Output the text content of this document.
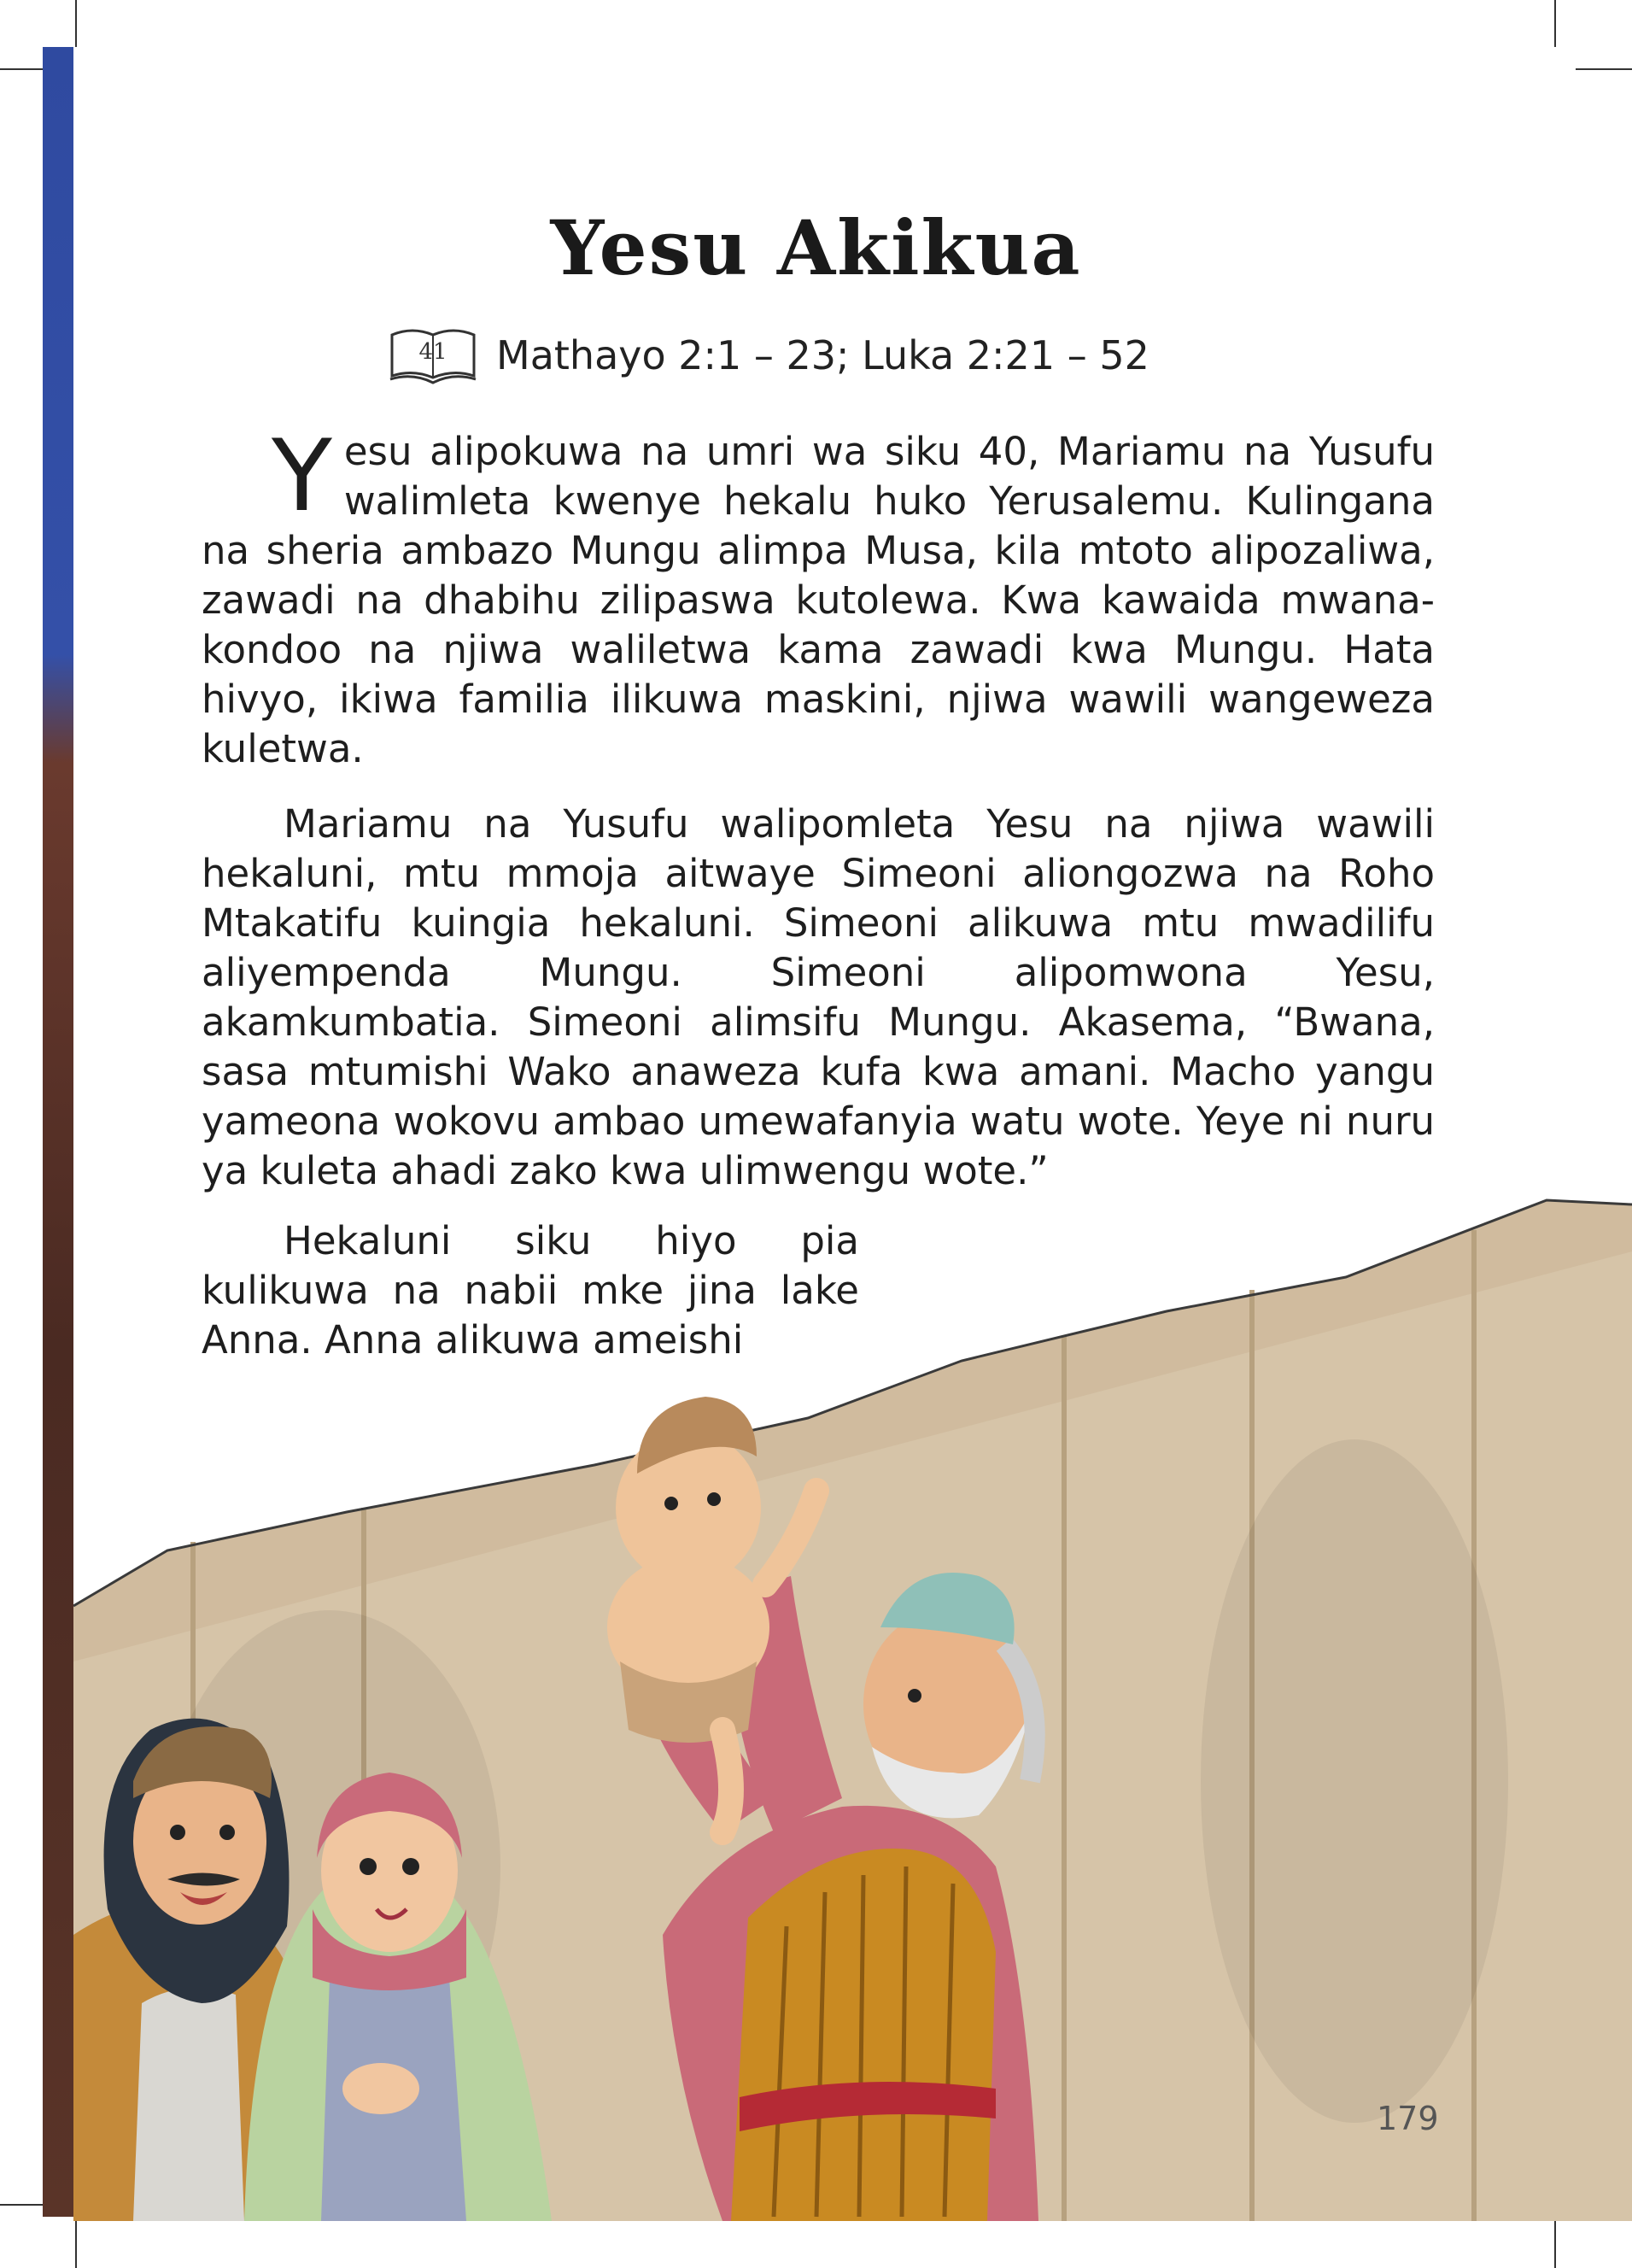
Yesu Akikua
41 Mathayo 2:1 – 23; Luka 2:21 – 52

Yesu alipokuwa na umri wa siku 40, Mariamu na Yusufu walimleta kwenye hekalu huko Yerusalemu. Kulingana na sheria ambazo Mungu alimpa Musa, kila mtoto alipozaliwa, zawadi na dhabihu zilipaswa kutolewa. Kwa kawaida mwana-kondoo na njiwa waliletwa kama zawadi kwa Mungu. Hata hivyo, ikiwa familia ilikuwa maskini, njiwa wawili wangeweza kuletwa.

Mariamu na Yusufu walipomleta Yesu na njiwa wawili hekaluni, mtu mmoja aitwaye Simeoni aliongozwa na Roho Mtakatifu kuingia hekaluni. Simeoni alikuwa mtu mwadilifu aliyempenda Mungu. Simeoni alipomwona Yesu, akamkumbatia. Simeoni alimsifu Mungu. Akasema, “Bwana, sasa mtumishi Wako anaweza kufa kwa amani. Macho yangu yameona wokovu ambao umewafanyia watu wote. Yeye ni nuru ya kuleta ahadi zako kwa ulimwengu wote.”

Hekaluni siku hiyo pia kulikuwa na nabii mke jina lake Anna. Anna alikuwa ameishi

179
